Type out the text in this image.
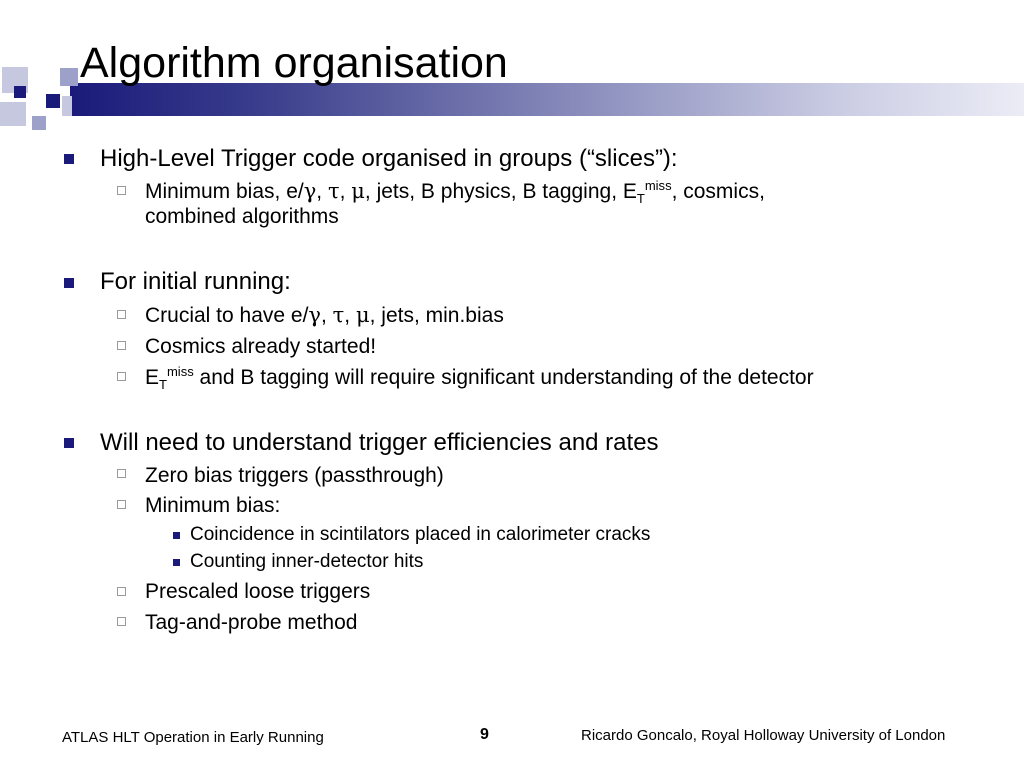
Algorithm organisation

High-Level Trigger code organised in groups (“slices”):

Minimum bias, e/γ, τ, μ, jets, B physics, B tagging, $E_T^{miss}$, cosmics,

combined algorithms

For initial running:

Crucial to have e/γ, τ, μ, jets, min.bias

Cosmics already started!

$E_T^{miss}$ and B tagging will require significant understanding of the detector

Will need to understand trigger efficiencies and rates

Zero bias triggers (passthrough)

Minimum bias:

Coincidence in scintilators placed in calorimeter cracks

Counting inner-detector hits

Prescaled loose triggers

Tag-and-probe method

ATLAS HLT Operation in Early Running	9	Ricardo Goncalo, Royal Holloway University of London
